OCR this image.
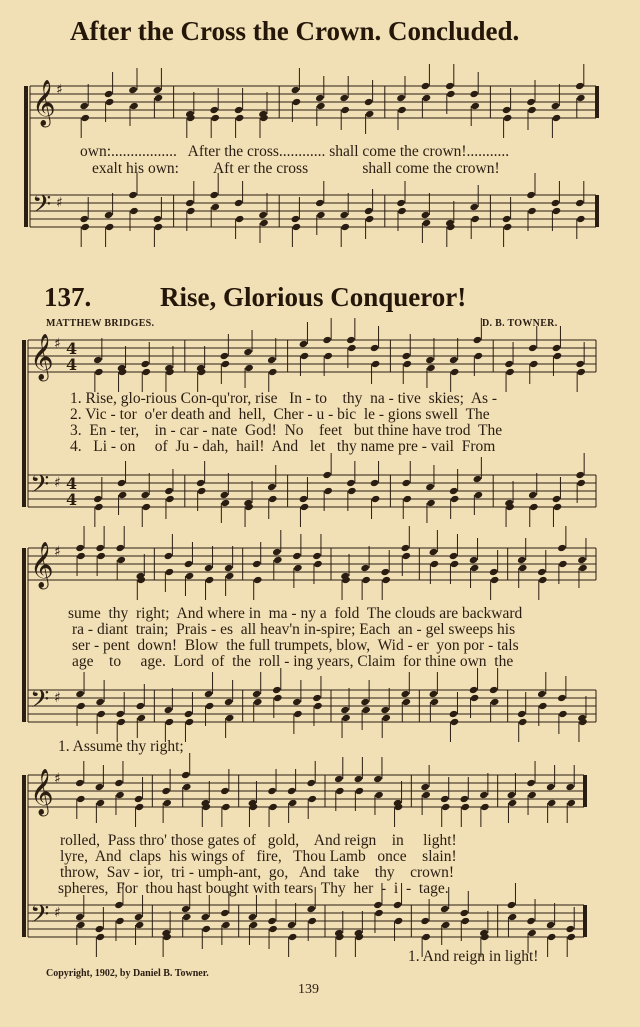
𝄞
𝄢
♯
♯
𝄞
𝄢
♯
♯
4
4
4
4
𝄞
𝄢
♯
♯
𝄞
𝄢
♯
♯
After the Cross the Crown. Concluded.
own:.................   After the cross............ shall come the crown!...........
exalt his own:         Aft er the cross              shall come the crown!
137.	Rise, Glorious Conqueror!
MATTHEW BRIDGES.	D. B. TOWNER.
1. Rise, glo-rious Con-qu'ror, rise   In - to    thy  na - tive  skies;  As -
2. Vic - tor  o'er death and  hell,  Cher - u - bic  le - gions swell  The
3.  En - ter,    in - car - nate  God!  No    feet   but thine have trod  The
4.   Li - on     of  Ju - dah,  hail!  And   let   thy name pre - vail  From
sume  thy  right;  And where in  ma - ny a  fold  The clouds are backward
ra - diant  train;  Prais - es  all heav'n in-spire; Each  an - gel sweeps his
ser - pent  down!  Blow  the full trumpets, blow,  Wid - er  yon por - tals
age    to     age.  Lord  of  the  roll - ing years, Claim  for thine own  the
1. Assume thy right;
rolled,  Pass thro' those gates of   gold,    And reign    in     light!
lyre,  And  claps  his wings of   fire,   Thou Lamb   once    slain!
throw,  Sav - ior,  tri - umph-ant,  go,   And  take    thy    crown!
spheres,  For  thou hast bought with tears  Thy  her  -  i  -  tage.
1. And reign in light!
Copyright, 1902, by Daniel B. Towner.
139
